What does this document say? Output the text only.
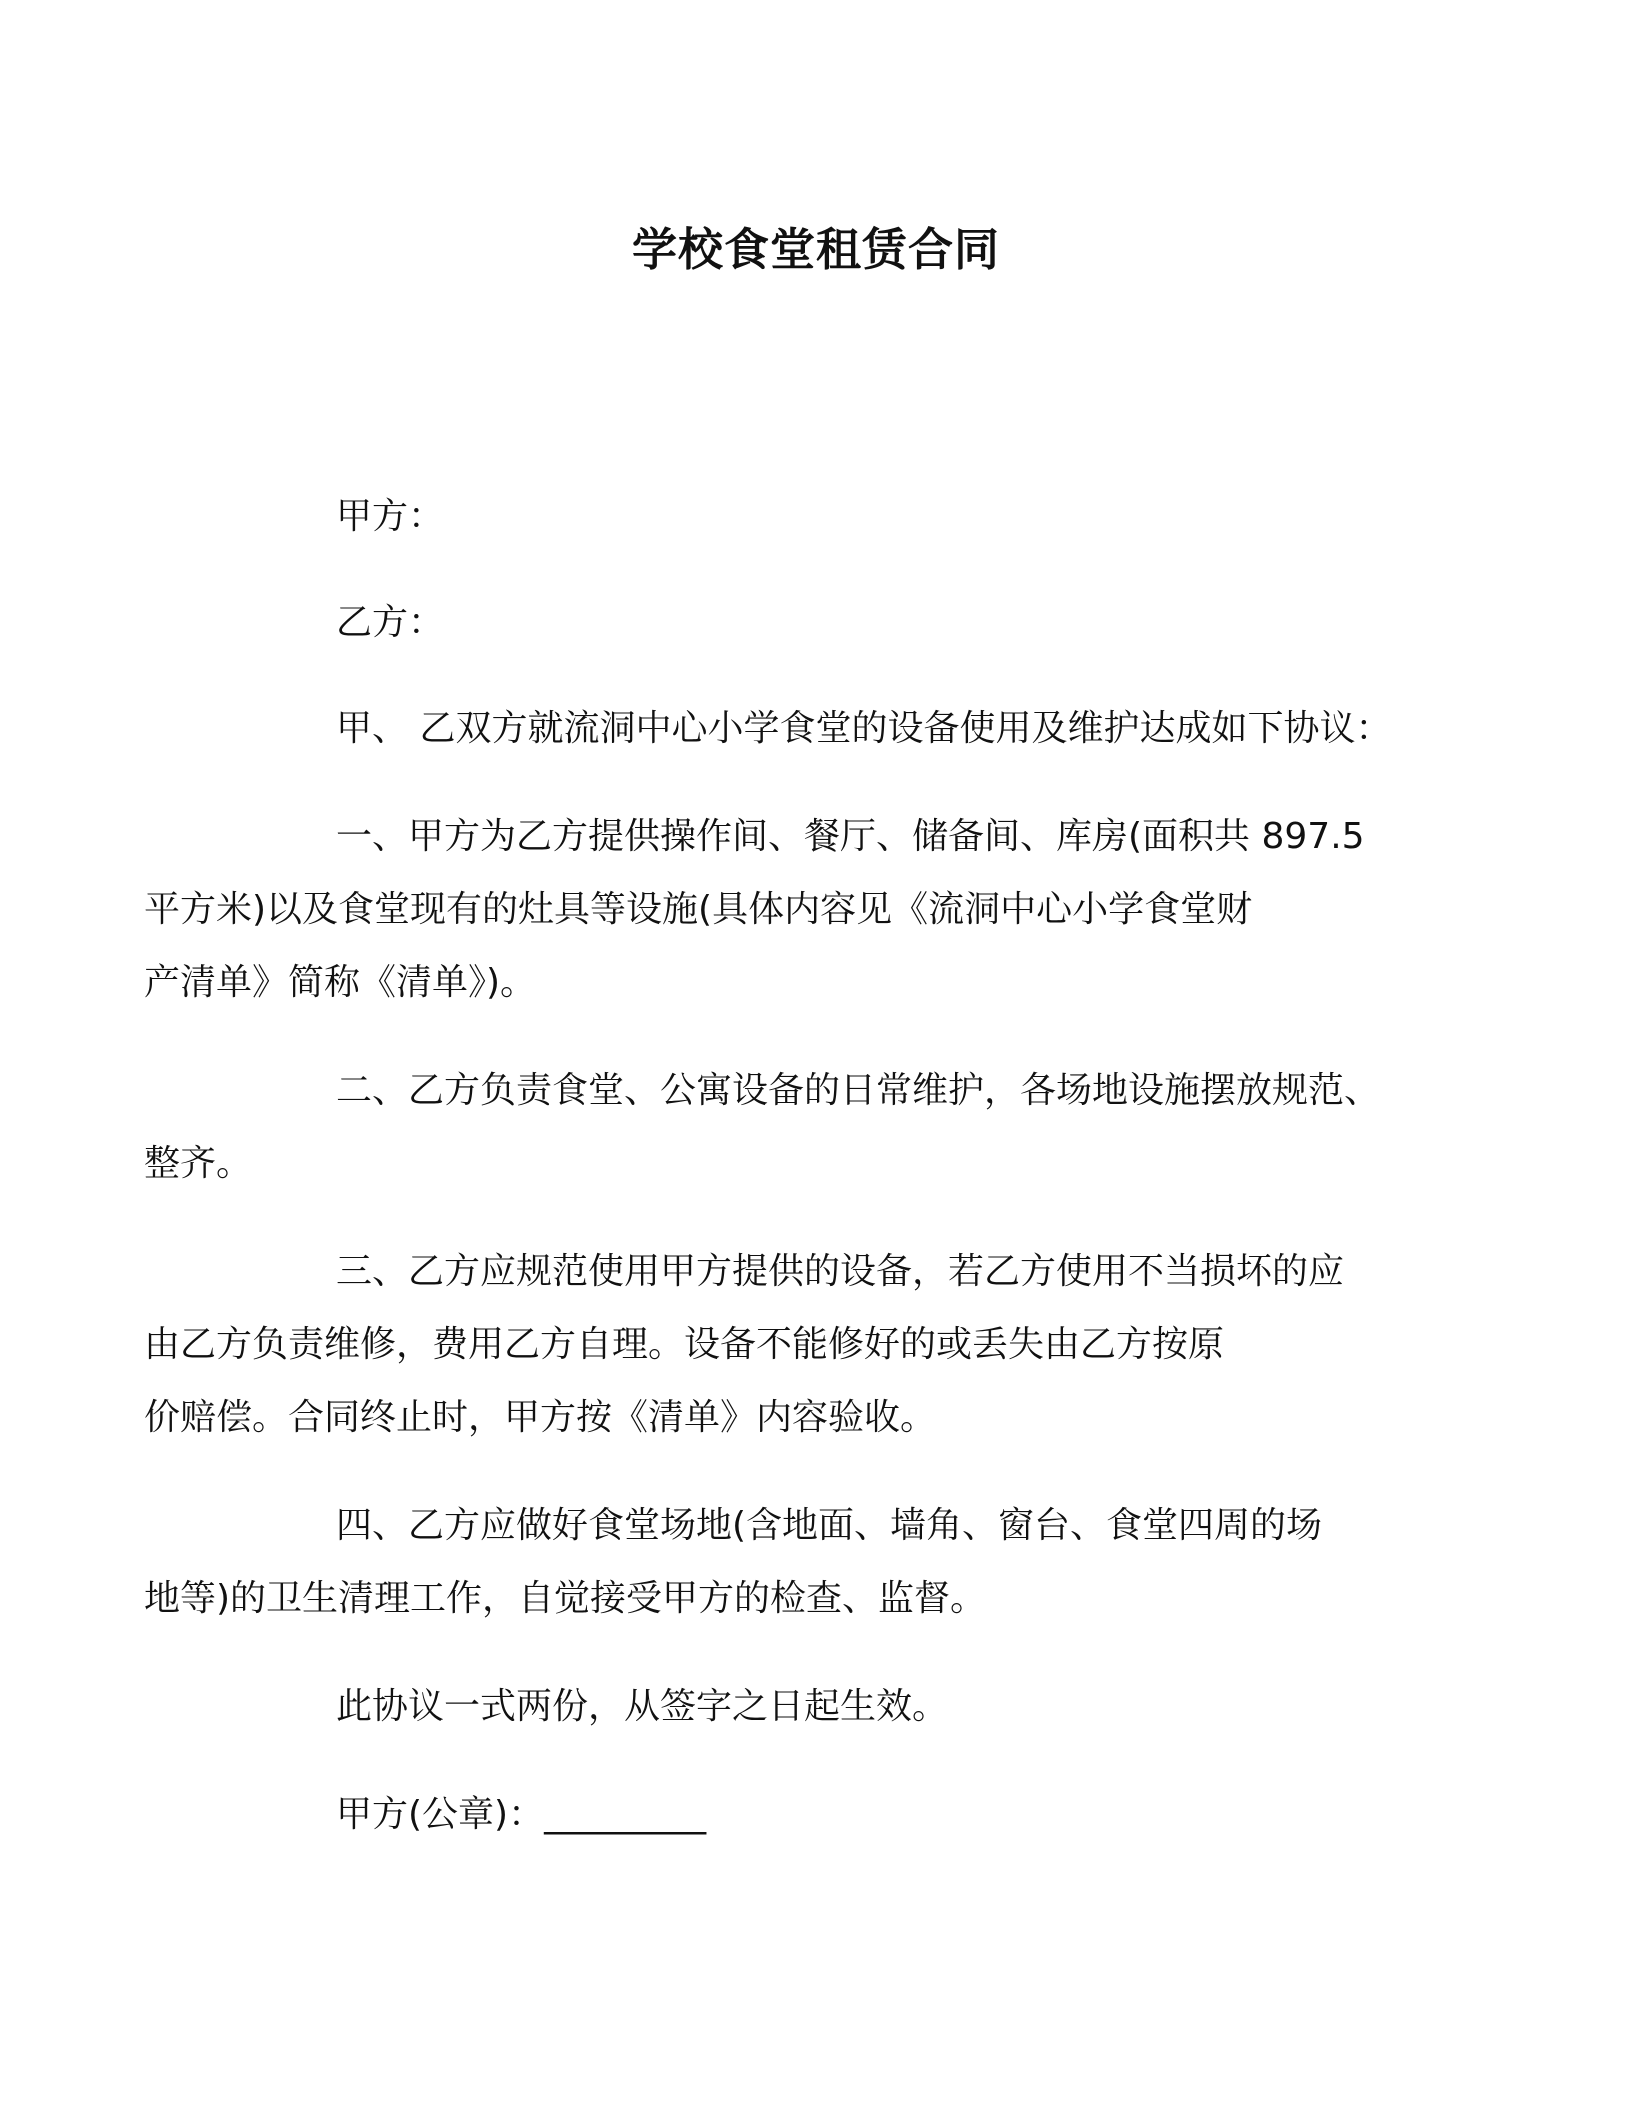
学校食堂租赁合同

甲方：

乙方：

甲、 乙双方就流洞中心小学食堂的设备使用及维护达成如下协议：

一、甲方为乙方提供操作间、餐厅、储备间、库房(面积共 897.5
平方米)以及食堂现有的灶具等设施(具体内容见《流洞中心小学食堂财
产清单》简称《清单》)。

二、乙方负责食堂、公寓设备的日常维护，各场地设施摆放规范、
整齐。

三、乙方应规范使用甲方提供的设备，若乙方使用不当损坏的应
由乙方负责维修，费用乙方自理。设备不能修好的或丢失由乙方按原
价赔偿。合同终止时，甲方按《清单》内容验收。

四、乙方应做好食堂场地(含地面、墙角、窗台、食堂四周的场
地等)的卫生清理工作，自觉接受甲方的检查、监督。

此协议一式两份，从签字之日起生效。

甲方(公章)：_________
